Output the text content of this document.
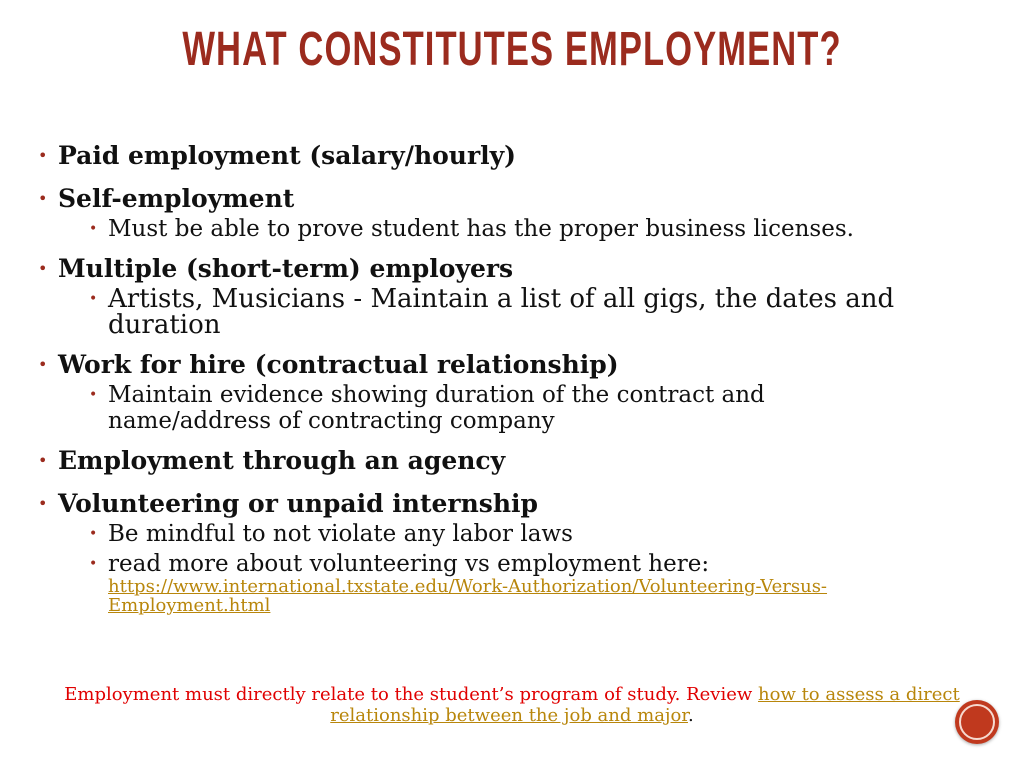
WHAT CONSTITUTES EMPLOYMENT?
• Paid employment (salary/hourly)
• Self-employment
• Must be able to prove student has the proper business licenses.
• Multiple (short-term) employers
• Artists, Musicians - Maintain a list of all gigs, the dates and duration
• Work for hire (contractual relationship)
• Maintain evidence showing duration of the contract and name/address of contracting company
• Employment through an agency
• Volunteering or unpaid internship
• Be mindful to not violate any labor laws
• read more about volunteering vs employment here:
https://www.international.txstate.edu/Work-Authorization/Volunteering-Versus-Employment.html
Employment must directly relate to the student’s program of study. Review how to assess a direct relationship between the job and major.
